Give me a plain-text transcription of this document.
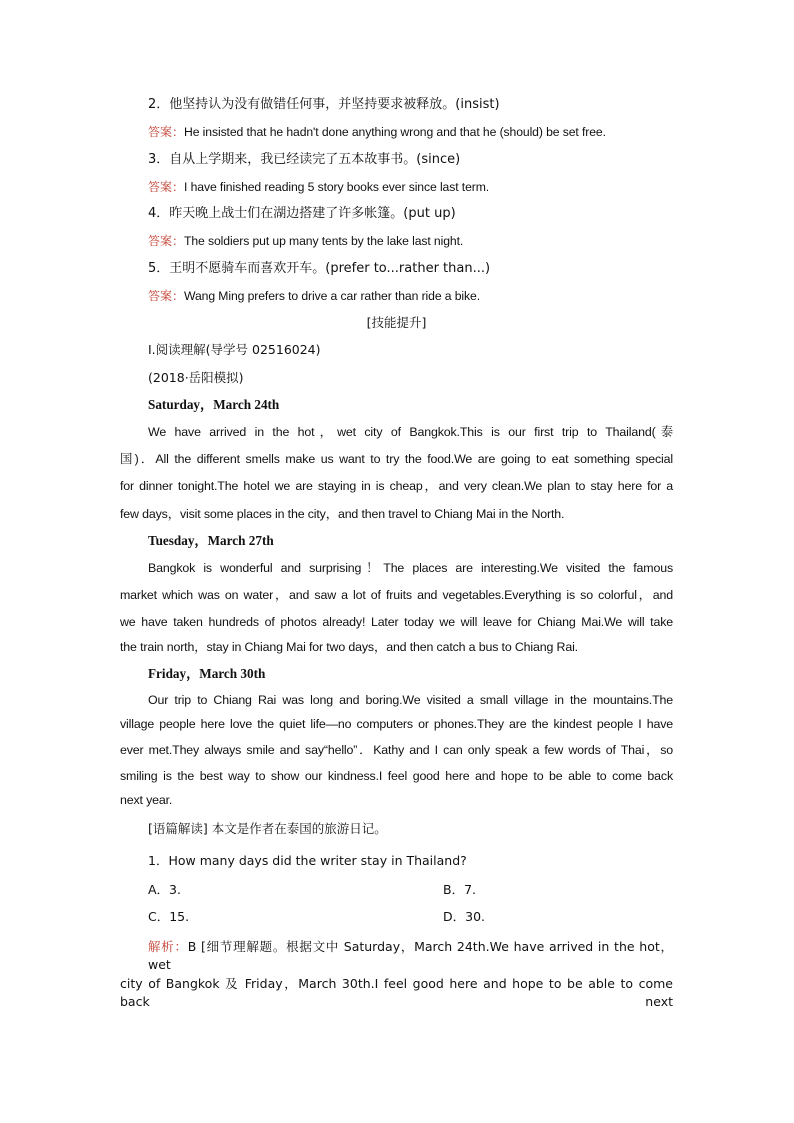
2．他坚持认为没有做错任何事，并坚持要求被释放。(insist)
答案：He insisted that he hadn't done anything wrong and that he (should) be set free.
3．自从上学期来，我已经读完了五本故事书。(since)
答案：I have finished reading 5 story books ever since last term.
4．昨天晚上战士们在湖边搭建了许多帐篷。(put up)
答案：The soldiers put up many tents by the lake last night.
5．王明不愿骑车而喜欢开车。(prefer to...rather than...)
答案：Wang Ming prefers to drive a car rather than ride a bike.
[技能提升]
Ⅰ.阅读理解(导学号 02516024)
(2018·岳阳模拟)
Saturday，March 24th
We have arrived in the hot，wet city of Bangkok.This is our first trip to Thailand(泰
国)．All the different smells make us want to try the food.We are going to eat something special
for dinner tonight.The hotel we are staying in is cheap，and very clean.We plan to stay here for a
few days，visit some places in the city，and then travel to Chiang Mai in the North.
Tuesday，March 27th
Bangkok is wonderful and surprising！The places are interesting.We visited the famous
market which was on water，and saw a lot of fruits and vegetables.Everything is so colorful，and
we have taken hundreds of photos already! Later today we will leave for Chiang Mai.We will take
the train north，stay in Chiang Mai for two days，and then catch a bus to Chiang Rai.
Friday，March 30th
Our trip to Chiang Rai was long and boring.We visited a small village in the mountains.The
village people here love the quiet life—no computers or phones.They are the kindest people I have
ever met.They always smile and say“hello”．Kathy and I can only speak a few words of Thai，so
smiling is the best way to show our kindness.I feel good here and hope to be able to come back
next year.
[语篇解读] 本文是作者在泰国的旅游日记。
1．How many days did the writer stay in Thailand?
A．3.	B．7.
C．15.	D．30.
解析：B [细节理解题。根据文中 Saturday，March 24th.We have arrived in the hot，wet
city of Bangkok 及 Friday，March 30th.I feel good here and hope to be able to come back next
